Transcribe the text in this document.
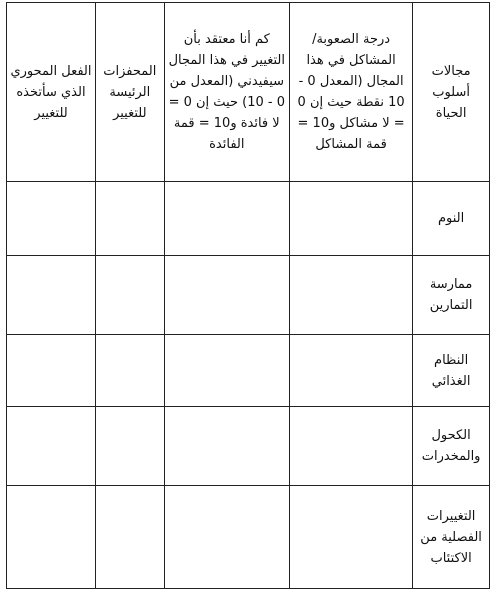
مجالات أسلوب الحياة	درجة الصعوبة/ المشاكل في هذا المجال (المعدل 0 - 10 نقطة حيث إن 0 = لا مشاكل و10 = قمة المشاكل	كم أنا معتقد بأن التغيير في هذا المجال سيفيدني (المعدل من 0 - 10) حيث إن 0 = لا فائدة و10 = قمة الفائدة	المحفزات الرئيسة للتغيير	الفعل المحوري الذي سأتخذه للتغيير
النوم				
ممارسة التمارين				
النظام الغذائي				
الكحول والمخدرات				
التغييرات الفصلية من الاكتئاب				
